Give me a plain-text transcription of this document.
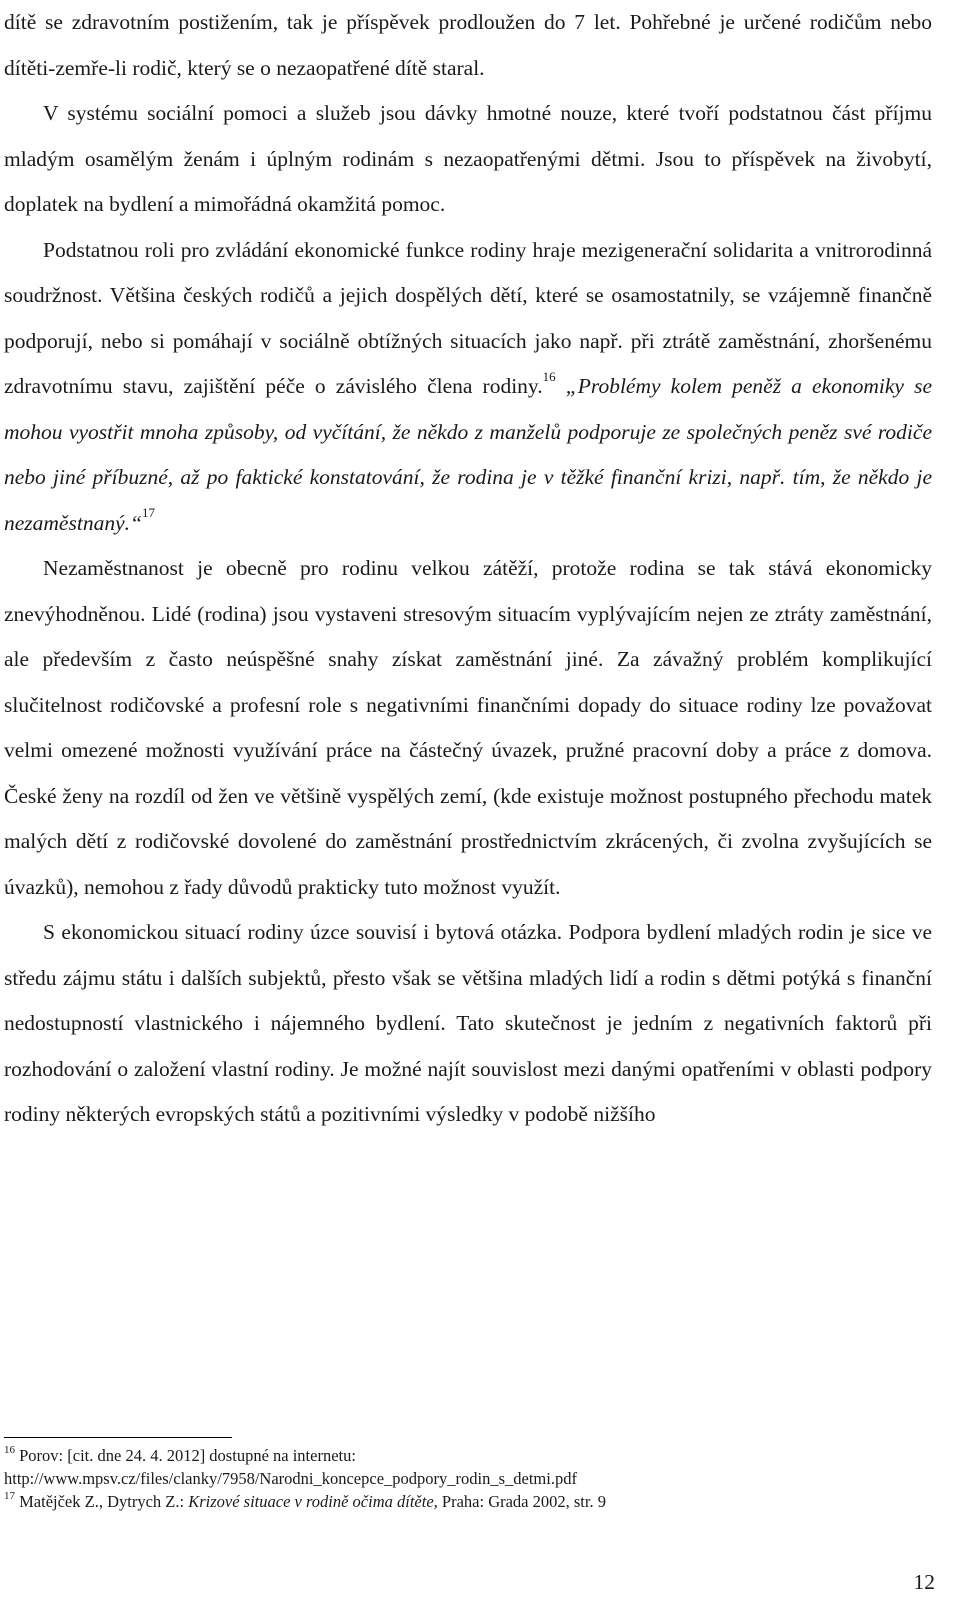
dítě se zdravotním postižením, tak je příspěvek prodloužen do 7 let. Pohřebné je určené rodičům nebo dítěti-zemře-li rodič, který se o nezaopatřené dítě staral.

V systému sociální pomoci a služeb jsou dávky hmotné nouze, které tvoří podstatnou část příjmu mladým osamělým ženám i úplným rodinám s nezaopatřenými dětmi. Jsou to příspěvek na živobytí, doplatek na bydlení a mimořádná okamžitá pomoc.

Podstatnou roli pro zvládání ekonomické funkce rodiny hraje mezigenerační solidarita a vnitrorodinná soudržnost. Většina českých rodičů a jejich dospělých dětí, které se osamostatnily, se vzájemně finančně podporují, nebo si pomáhají v sociálně obtížných situacích jako např. při ztrátě zaměstnání, zhoršenému zdravotnímu stavu, zajištění péče o závislého člena rodiny.$^{16}$ „Problémy kolem peněž a ekonomiky se mohou vyostřit mnoha způsoby, od vyčítání, že někdo z manželů podporuje ze společných peněz své rodiče nebo jiné příbuzné, až po faktické konstatování, že rodina je v těžké finanční krizi, např. tím, že někdo je nezaměstnaný.“$^{17}$

Nezaměstnanost je obecně pro rodinu velkou zátěží, protože rodina se tak stává ekonomicky znevýhodněnou. Lidé (rodina) jsou vystaveni stresovým situacím vyplývajícím nejen ze ztráty zaměstnání, ale především z často neúspěšné snahy získat zaměstnání jiné. Za závažný problém komplikující slučitelnost rodičovské a profesní role s negativními finančními dopady do situace rodiny lze považovat velmi omezené možnosti využívání práce na částečný úvazek, pružné pracovní doby a práce z domova. České ženy na rozdíl od žen ve většině vyspělých zemí, (kde existuje možnost postupného přechodu matek malých dětí z rodičovské dovolené do zaměstnání prostřednictvím zkrácených, či zvolna zvyšujících se úvazků), nemohou z řady důvodů prakticky tuto možnost využít.

S ekonomickou situací rodiny úzce souvisí i bytová otázka. Podpora bydlení mladých rodin je sice ve středu zájmu státu i dalších subjektů, přesto však se většina mladých lidí a rodin s dětmi potýká s finanční nedostupností vlastnického i nájemného bydlení. Tato skutečnost je jedním z negativních faktorů při rozhodování o založení vlastní rodiny. Je možné najít souvislost mezi danými opatřeními v oblasti podpory rodiny některých evropských států a pozitivními výsledky v podobě nižšího

$^{16}$ Porov: [cit. dne 24. 4. 2012] dostupné na internetu:

http://www.mpsv.cz/files/clanky/7958/Narodni_koncepce_podpory_rodin_s_detmi.pdf

$^{17}$ Matějček Z., Dytrych Z.: Krizové situace v rodině očima dítěte, Praha: Grada 2002, str. 9

12
